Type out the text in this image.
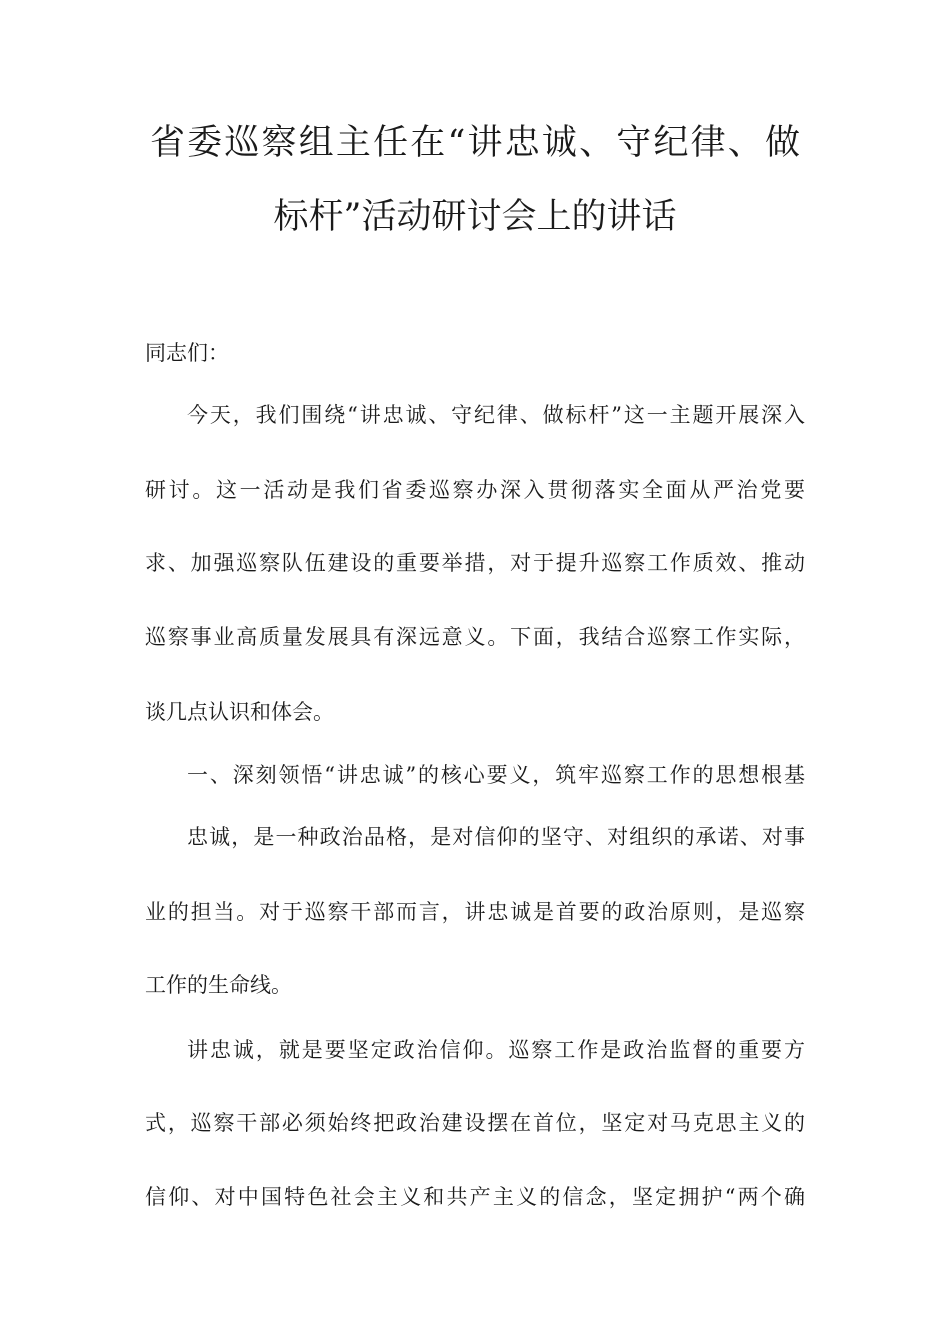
省委巡察组主任在“讲忠诚、守纪律、做
标杆”活动研讨会上的讲话
同志们：
今天，我们围绕“讲忠诚、守纪律、做标杆”这一主题开展深入
研讨。这一活动是我们省委巡察办深入贯彻落实全面从严治党要
求、加强巡察队伍建设的重要举措，对于提升巡察工作质效、推动
巡察事业高质量发展具有深远意义。下面，我结合巡察工作实际，
谈几点认识和体会。
一、深刻领悟“讲忠诚”的核心要义，筑牢巡察工作的思想根基
忠诚，是一种政治品格，是对信仰的坚守、对组织的承诺、对事
业的担当。对于巡察干部而言，讲忠诚是首要的政治原则，是巡察
工作的生命线。
讲忠诚，就是要坚定政治信仰。巡察工作是政治监督的重要方
式，巡察干部必须始终把政治建设摆在首位，坚定对马克思主义的
信仰、对中国特色社会主义和共产主义的信念，坚定拥护“两个确
